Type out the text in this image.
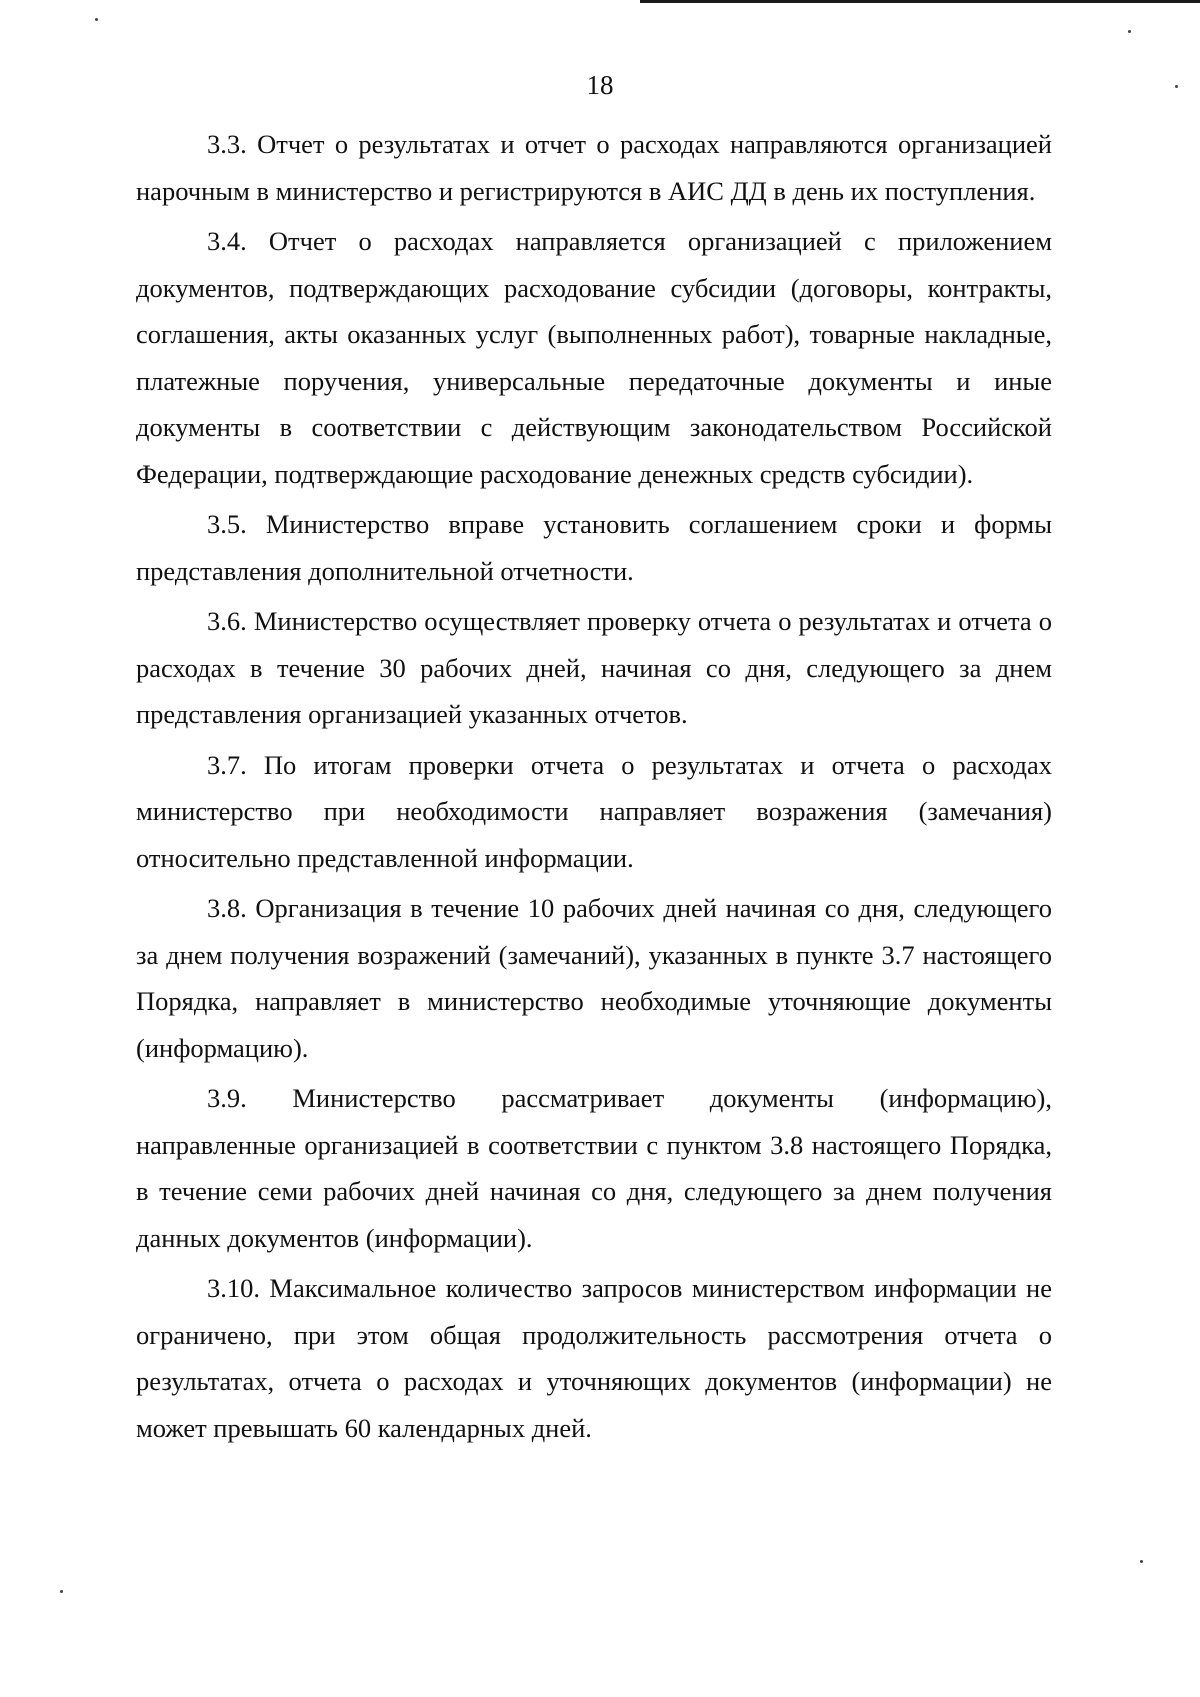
18

3.3. Отчет о результатах и отчет о расходах направляются организацией нарочным в министерство и регистрируются в АИС ДД в день их поступления.

3.4. Отчет о расходах направляется организацией с приложением документов, подтверждающих расходование субсидии (договоры, контракты, соглашения, акты оказанных услуг (выполненных работ), товарные накладные, платежные поручения, универсальные передаточные документы и иные документы в соответствии с действующим законодательством Российской Федерации, подтверждающие расходование денежных средств субсидии).

3.5. Министерство вправе установить соглашением сроки и формы представления дополнительной отчетности.

3.6. Министерство осуществляет проверку отчета о результатах и отчета о расходах в течение 30 рабочих дней, начиная со дня, следующего за днем представления организацией указанных отчетов.

3.7. По итогам проверки отчета о результатах и отчета о расходах министерство при необходимости направляет возражения (замечания) относительно представленной информации.

3.8. Организация в течение 10 рабочих дней начиная со дня, следующего за днем получения возражений (замечаний), указанных в пункте 3.7 настоящего Порядка, направляет в министерство необходимые уточняющие документы (информацию).

3.9. Министерство рассматривает документы (информацию), направленные организацией в соответствии с пунктом 3.8 настоящего Порядка, в течение семи рабочих дней начиная со дня, следующего за днем получения данных документов (информации).

3.10. Максимальное количество запросов министерством информации не ограничено, при этом общая продолжительность рассмотрения отчета о результатах, отчета о расходах и уточняющих документов (информации) не может превышать 60 календарных дней.
